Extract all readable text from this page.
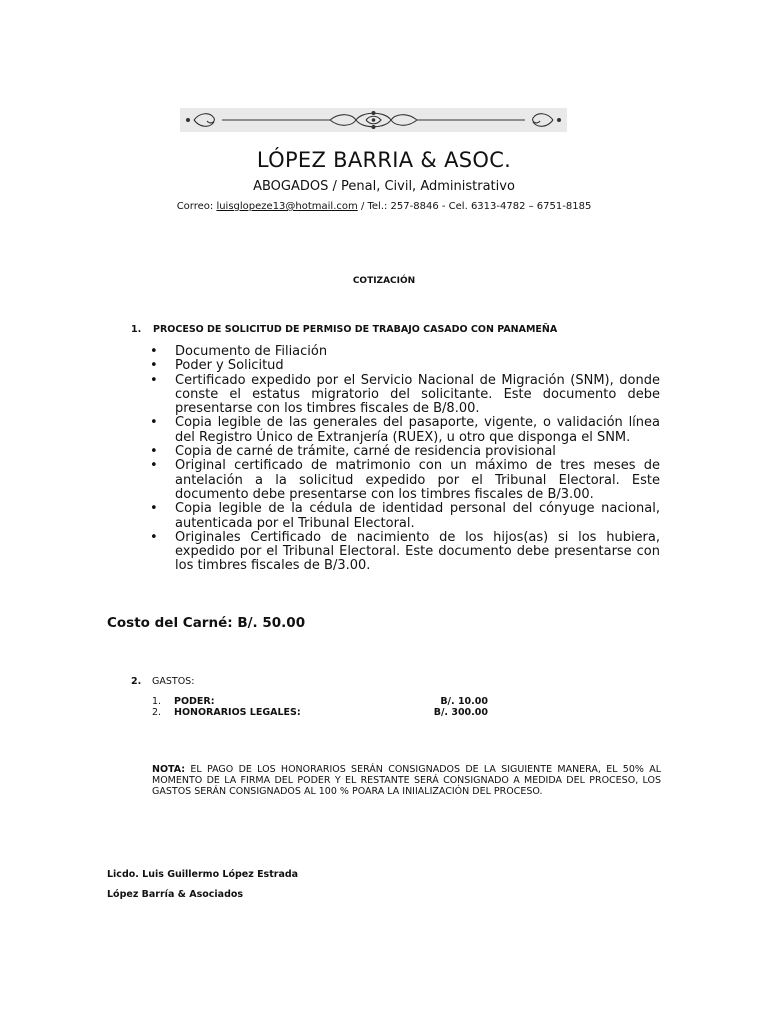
LÓPEZ BARRIA & ASOC.
ABOGADOS / Penal, Civil, Administrativo
Correo: luisglopeze13@hotmail.com / Tel.: 257-8846 - Cel. 6313-4782 – 6751-8185
COTIZACIÓN
1. PROCESO DE SOLICITUD DE PERMISO DE TRABAJO CASADO CON PANAMEÑA
• Documento de Filiación
• Poder y Solicitud
• Certificado expedido por el Servicio Nacional de Migración (SNM), donde conste el estatus migratorio del solicitante. Este documento debe presentarse con los timbres fiscales de B/8.00.
• Copia legible de las generales del pasaporte, vigente, o validación línea del Registro Único de Extranjería (RUEX), u otro que disponga el SNM.
• Copia de carné de trámite, carné de residencia provisional
• Original certificado de matrimonio con un máximo de tres meses de antelación a la solicitud expedido por el Tribunal Electoral. Este documento debe presentarse con los timbres fiscales de B/3.00.
• Copia legible de la cédula de identidad personal del cónyuge nacional, autenticada por el Tribunal Electoral.
• Originales Certificado de nacimiento de los hijos(as) si los hubiera, expedido por el Tribunal Electoral. Este documento debe presentarse con los timbres fiscales de B/3.00.
Costo del Carné: B/. 50.00
2. GASTOS:
1. PODER:	B/. 10.00
2. HONORARIOS LEGALES:	B/. 300.00
NOTA: EL PAGO DE LOS HONORARIOS SERÁN CONSIGNADOS DE LA SIGUIENTE MANERA, EL 50% AL MOMENTO DE LA FIRMA DEL PODER Y EL RESTANTE SERÁ CONSIGNADO A MEDIDA DEL PROCESO, LOS GASTOS SERÁN CONSIGNADOS AL 100 % POARA LA INIIALIZACIÓN DEL PROCESO.
Licdo. Luis Guillermo López Estrada
López Barría & Asociados
